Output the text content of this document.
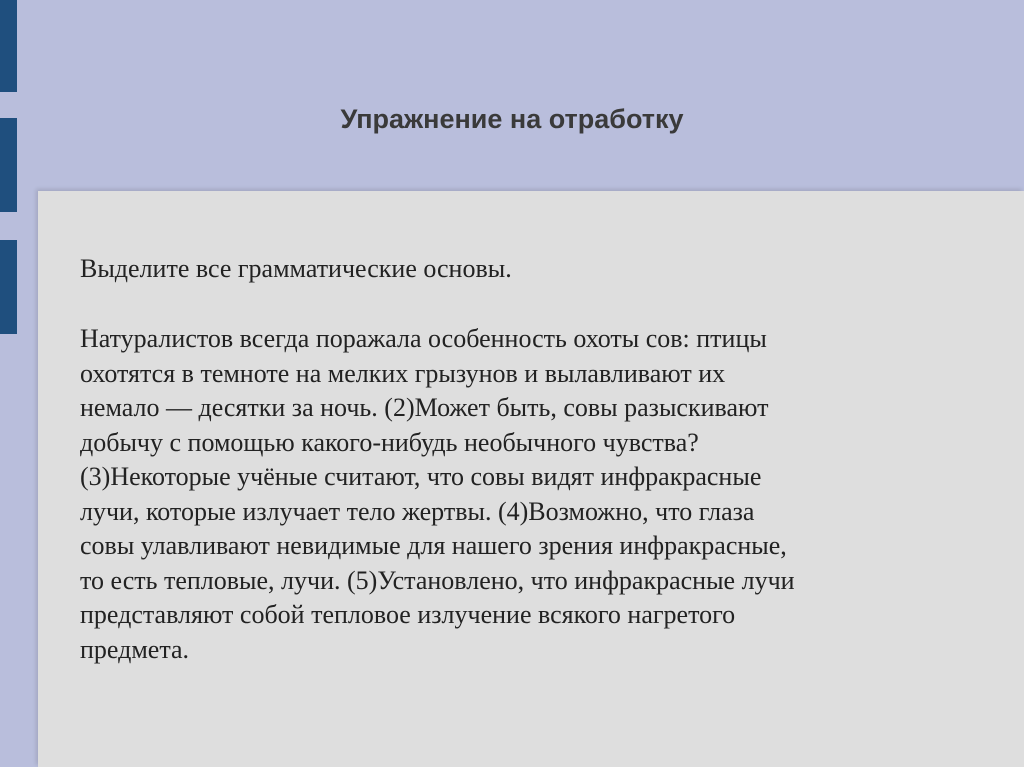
Упражнение на отработку
Выделите все грамматические основы.
Натуралистов всегда поражала особенность охоты сов: птицы
охотятся в темноте на мелких грызунов и вылавливают их
немало — десятки за ночь. (2)Может быть, совы разыскивают
добычу с помощью какого-нибудь необычного чувства?
(3)Некоторые учёные считают, что совы видят инфракрасные
лучи, которые излучает тело жертвы. (4)Возможно, что глаза
совы улавливают невидимые для нашего зрения инфракрасные,
то есть тепловые, лучи. (5)Установлено, что инфракрасные лучи
представляют собой тепловое излучение всякого нагретого
предмета.
